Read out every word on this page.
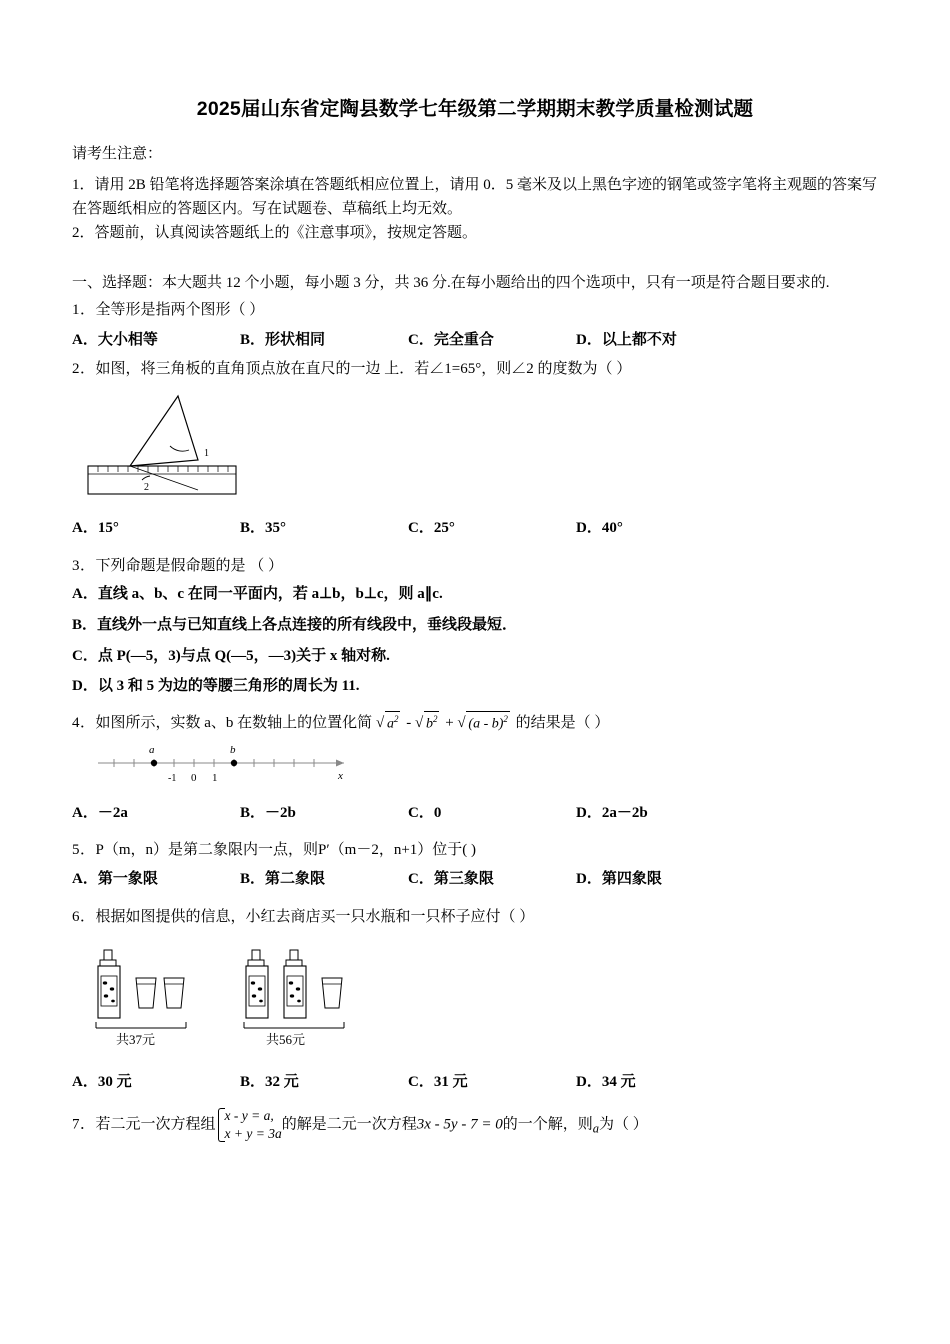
2025届山东省定陶县数学七年级第二学期期末教学质量检测试题

请考生注意：

1．请用 2B 铅笔将选择题答案涂填在答题纸相应位置上，请用 0．5 毫米及以上黑色字迹的钢笔或签字笔将主观题的答案写在答题纸相应的答题区内。写在试题卷、草稿纸上均无效。

2．答题前，认真阅读答题纸上的《注意事项》，按规定答题。

一、选择题：本大题共 12 个小题，每小题 3 分，共 36 分.在每小题给出的四个选项中，只有一项是符合题目要求的.

1．全等形是指两个图形（ ）

A．大小相等	B．形状相同	C．完全重合	D．以上都不对

2．如图，将三角板的直角顶点放在直尺的一边 上．若∠1=65°，则∠2 的度数为（ ）

1
2
A．15°	B．35°	C．25°	D．40°

3．下列命题是假命题的是 （ ）

A．直线 a、b、c 在同一平面内，若 a⊥b，b⊥c，则 a∥c.

B．直线外一点与已知直线上各点连接的所有线段中，垂线段最短．

C．点 P(—5，3)与点 Q(—5，—3)关于 x 轴对称.

D．以 3 和 5 为边的等腰三角形的周长为 11.

4．如图所示，实数 a、b 在数轴上的位置化简 √ $a^2$ - √ $b^2$ + √ (a - b)$^2$ 的结果是（ ）

a	b
-1 0 1	x
A．－2a	B．－2b	C．0	D．2a－2b

5．P（m，n）是第二象限内一点，则P′（m－2，n+1）位于( )

A．第一象限	B．第二象限	C．第三象限	D．第四象限

6．根据如图提供的信息，小红去商店买一只水瓶和一只杯子应付（ ）

共37元	共56元
A．30 元	B．32 元	C．31 元	D．34 元

7．若二元一次方程组x - y = a,
x + y = 3a的解是二元一次方程3x - 5y - 7 = 0的一个解，则$_a$为（ ）
